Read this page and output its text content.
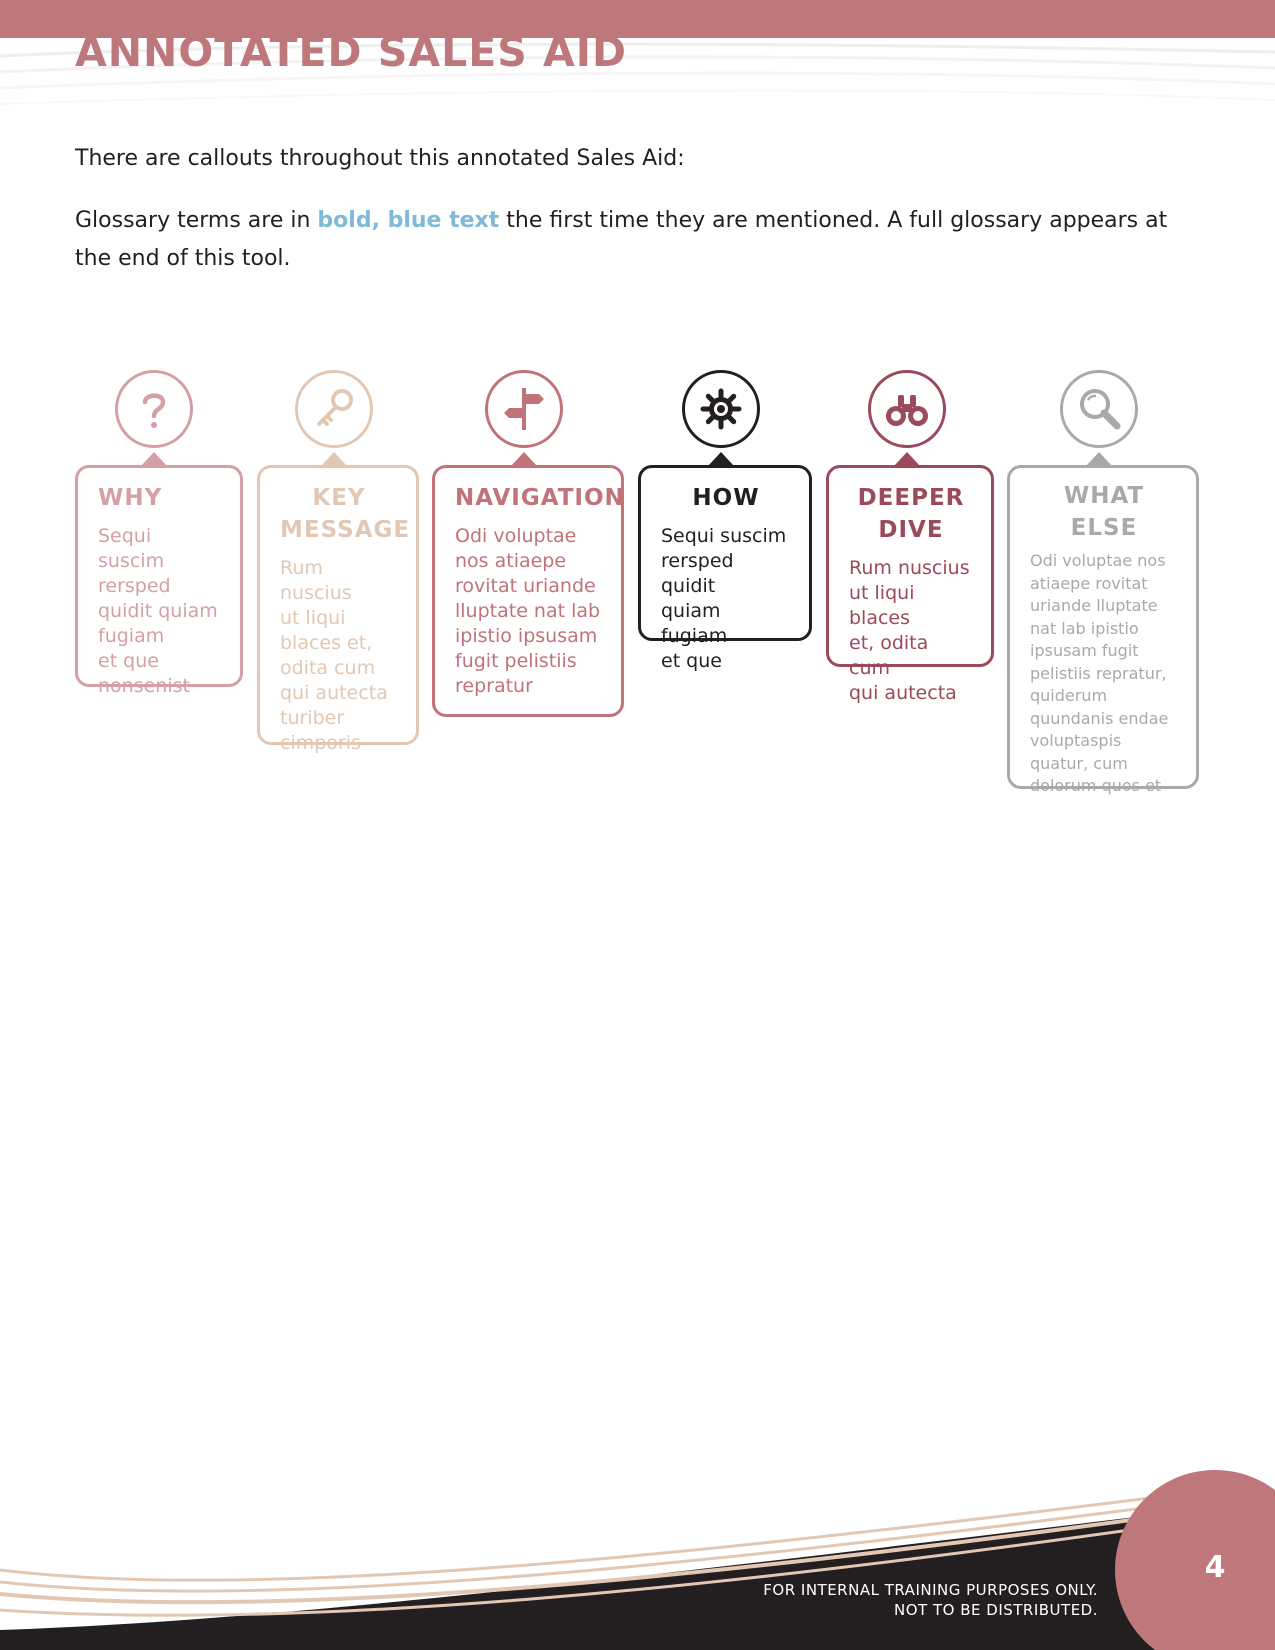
ANNOTATED SALES AID

There are callouts throughout this annotated Sales Aid:

Glossary terms are in bold, blue text the first time they are mentioned. A full glossary appears at the end of this tool.

WHY
Sequi suscim
rersped
quidit quiam
fugiam
et que
nonsenist
KEY
MESSAGE
Rum nuscius
ut liqui
blaces et,
odita cum
qui autecta
turiber
cimporis
NAVIGATION
Odi voluptae
nos atiaepe
rovitat uriande
lluptate nat lab
ipistio ipsusam
fugit pelistiis
repratur
HOW
Sequi suscim
rersped quidit
quiam fugiam
et que
DEEPER
DIVE
Rum nuscius
ut liqui blaces
et, odita cum
qui autecta
WHAT ELSE
Odi voluptae nos
atiaepe rovitat
uriande lluptate
nat lab ipistio
ipsusam fugit
pelistiis repratur,
quiderum
quundanis endae
voluptaspis
quatur, cum
dolorum quos et
FOR INTERNAL TRAINING PURPOSES ONLY.
NOT TO BE DISTRIBUTED.
4
